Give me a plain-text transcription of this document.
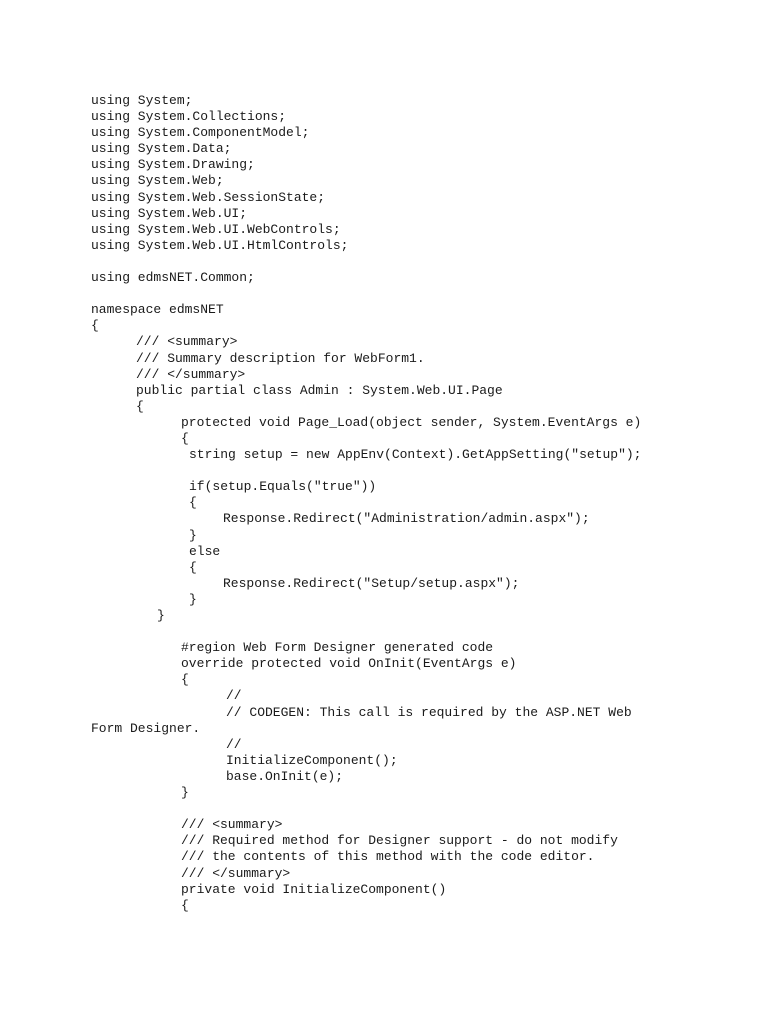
using System;
using System.Collections;
using System.ComponentModel;
using System.Data;
using System.Drawing;
using System.Web;
using System.Web.SessionState;
using System.Web.UI;
using System.Web.UI.WebControls;
using System.Web.UI.HtmlControls;
using edmsNET.Common;
namespace edmsNET
{
/// <summary>
/// Summary description for WebForm1.
/// </summary>
public partial class Admin : System.Web.UI.Page
{
protected void Page_Load(object sender, System.EventArgs e)
{
string setup = new AppEnv(Context).GetAppSetting("setup");
if(setup.Equals("true"))
{
Response.Redirect("Administration/admin.aspx");
}
else
{
Response.Redirect("Setup/setup.aspx");
}
}
#region Web Form Designer generated code
override protected void OnInit(EventArgs e)
{
//
// CODEGEN: This call is required by the ASP.NET Web
Form Designer.
//
InitializeComponent();
base.OnInit(e);
}
/// <summary>
/// Required method for Designer support - do not modify
/// the contents of this method with the code editor.
/// </summary>
private void InitializeComponent()
{
